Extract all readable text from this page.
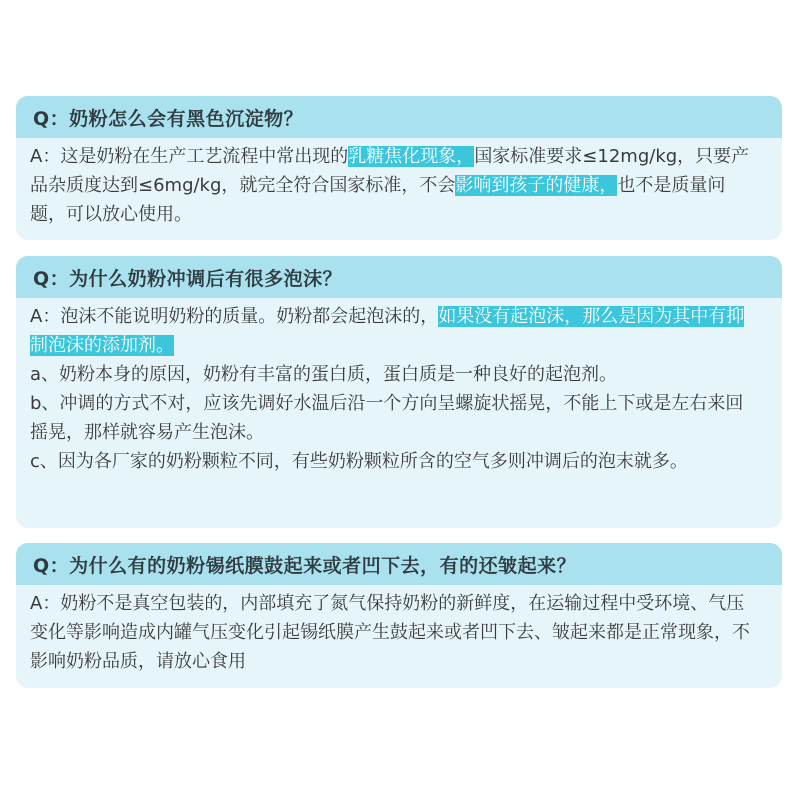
Q：奶粉怎么会有黑色沉淀物？

A：这是奶粉在生产工艺流程中常出现的乳糖焦化现象，国家标准要求≤12mg/kg，只要产品杂质度达到≤6mg/kg，就完全符合国家标准，不会影响到孩子的健康，也不是质量问题，可以放心使用。

Q：为什么奶粉冲调后有很多泡沫？

A：泡沫不能说明奶粉的质量。奶粉都会起泡沫的，如果没有起泡沫，那么是因为其中有抑制泡沫的添加剂。

a、奶粉本身的原因，奶粉有丰富的蛋白质，蛋白质是一种良好的起泡剂。

b、冲调的方式不对，应该先调好水温后沿一个方向呈螺旋状摇晃，不能上下或是左右来回摇晃，那样就容易产生泡沫。

c、因为各厂家的奶粉颗粒不同，有些奶粉颗粒所含的空气多则冲调后的泡末就多。

Q：为什么有的奶粉锡纸膜鼓起来或者凹下去，有的还皱起来？

A：奶粉不是真空包装的，内部填充了氮气保持奶粉的新鲜度，在运输过程中受环境、气压变化等影响造成内罐气压变化引起锡纸膜产生鼓起来或者凹下去、皱起来都是正常现象，不影响奶粉品质，请放心食用
